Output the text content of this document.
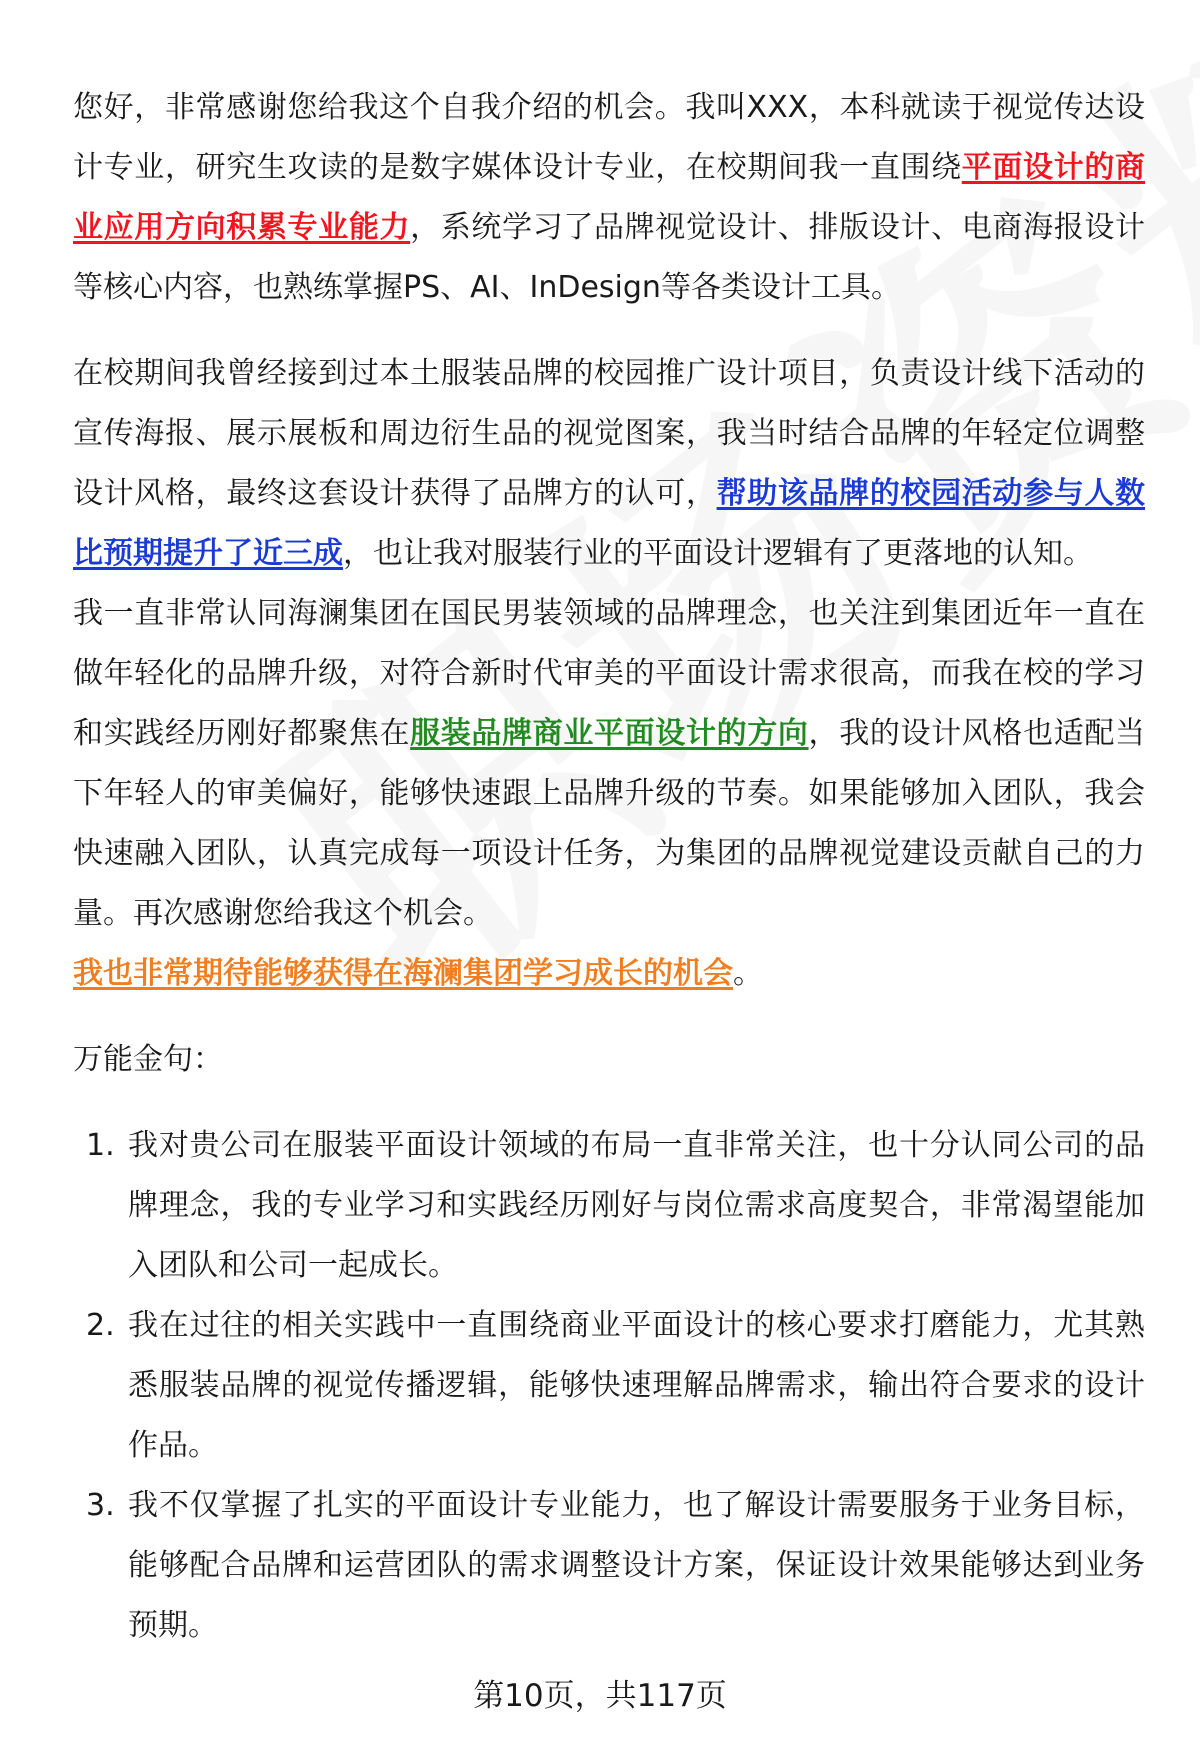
您好，非常感谢您给我这个自我介绍的机会。我叫XXX，本科就读于视觉传达设计专业，研究生攻读的是数字媒体设计专业，在校期间我一直围绕平面设计的商业应用方向积累专业能力，系统学习了品牌视觉设计、排版设计、电商海报设计等核心内容，也熟练掌握PS、AI、InDesign等各类设计工具。

在校期间我曾经接到过本土服装品牌的校园推广设计项目，负责设计线下活动的宣传海报、展示展板和周边衍生品的视觉图案，我当时结合品牌的年轻定位调整设计风格，最终这套设计获得了品牌方的认可，帮助该品牌的校园活动参与人数比预期提升了近三成，也让我对服装行业的平面设计逻辑有了更落地的认知。

我一直非常认同海澜集团在国民男装领域的品牌理念，也关注到集团近年一直在做年轻化的品牌升级，对符合新时代审美的平面设计需求很高，而我在校的学习和实践经历刚好都聚焦在服装品牌商业平面设计的方向，我的设计风格也适配当下年轻人的审美偏好，能够快速跟上品牌升级的节奏。如果能够加入团队，我会快速融入团队，认真完成每一项设计任务，为集团的品牌视觉建设贡献自己的力量。再次感谢您给我这个机会。

我也非常期待能够获得在海澜集团学习成长的机会。

万能金句：

1. 我对贵公司在服装平面设计领域的布局一直非常关注，也十分认同公司的品牌理念，我的专业学习和实践经历刚好与岗位需求高度契合，非常渴望能加入团队和公司一起成长。
2. 我在过往的相关实践中一直围绕商业平面设计的核心要求打磨能力，尤其熟悉服装品牌的视觉传播逻辑，能够快速理解品牌需求，输出符合要求的设计作品。
3. 我不仅掌握了扎实的平面设计专业能力，也了解设计需要服务于业务目标，能够配合品牌和运营团队的需求调整设计方案，保证设计效果能够达到业务预期。
第10页，共117页
